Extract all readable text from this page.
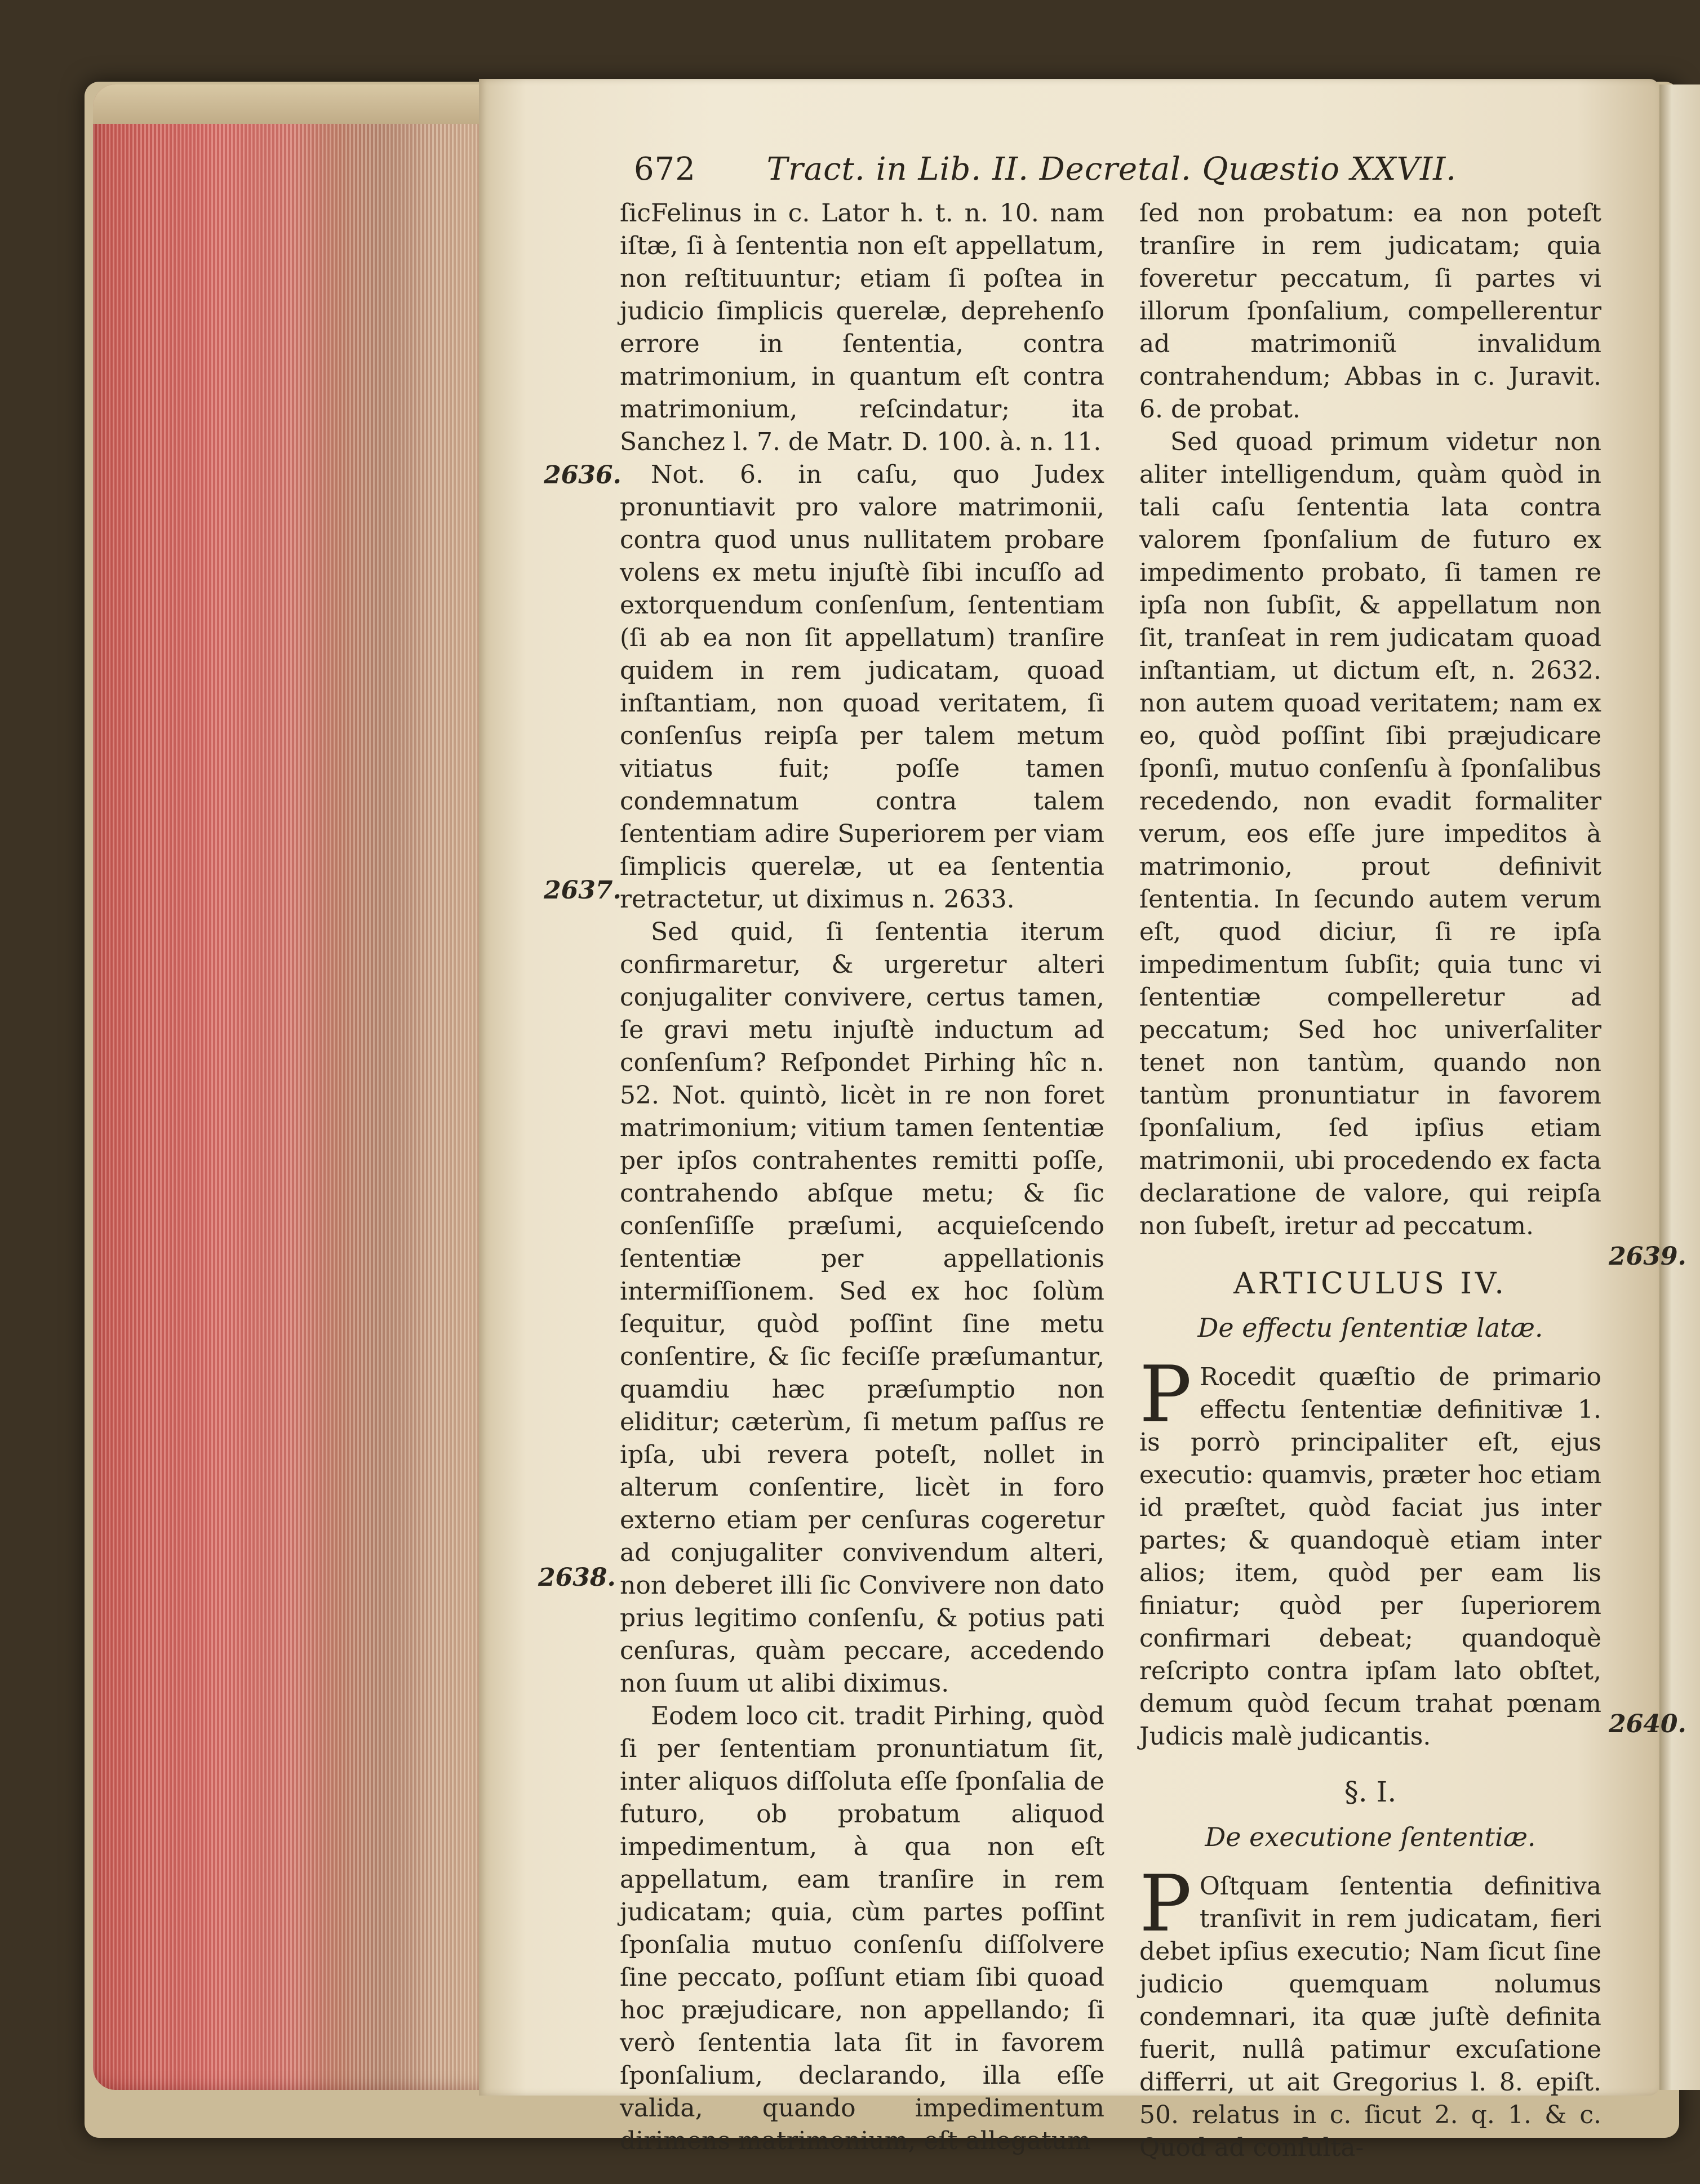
672 Tract. in Lib. II. Decretal. Quæstio XXVII.
2636.
2637.
2638.
2639.
2640.

ſicFelinus in c. Lator h. t. n. 10. nam iſtæ, ſi à ſententia non eſt appellatum, non reſtituuntur; etiam ſi poſtea in judicio ſimplicis querelæ, deprehenſo errore in ſententia, contra matrimonium, in quantum eſt contra matrimonium, reſcindatur; ita Sanchez l. 7. de Matr. D. 100. à. n. 11.

Not. 6. in caſu, quo Judex pronuntiavit pro valore matrimonii, contra quod unus nullitatem probare volens ex metu injuſtè ſibi incuſſo ad extorquendum conſenſum, ſententiam (ſi ab ea non ſit appellatum) tranſire quidem in rem judicatam, quoad inſtantiam, non quoad veritatem, ſi conſenſus reipſa per talem metum vitiatus fuit; poſſe tamen condemnatum contra talem ſententiam adire Superiorem per viam ſimplicis querelæ, ut ea ſententia retractetur, ut diximus n. 2633.

Sed quid, ſi ſententia iterum confirmaretur, & urgeretur alteri conjugaliter convivere, certus tamen, ſe gravi metu injuſtè inductum ad conſenſum? Reſpondet Pirhing hîc n. 52. Not. quintò, licèt in re non foret matrimonium; vitium tamen ſententiæ per ipſos contrahentes remitti poſſe, contrahendo abſque metu; & ſic conſenſiſſe præſumi, acquieſcendo ſententiæ per appellationis intermiſſionem. Sed ex hoc ſolùm ſequitur, quòd poſſint ſine metu conſentire, & ſic feciſſe præſumantur, quamdiu hæc præſumptio non eliditur; cæterùm, ſi metum paſſus re ipſa, ubi revera poteſt, nollet in alterum conſentire, licèt in foro externo etiam per cenſuras cogeretur ad conjugaliter convivendum alteri, non deberet illi ſic Convivere non dato prius legitimo conſenſu, & potius pati cenſuras, quàm peccare, accedendo non ſuum ut alibi diximus.

Eodem loco cit. tradit Pirhing, quòd ſi per ſententiam pronuntiatum ſit, inter aliquos diſſoluta eſſe ſponſalia de futuro, ob probatum aliquod impedimentum, à qua non eſt appellatum, eam tranſire in rem judicatam; quia, cùm partes poſſint ſponſalia mutuo conſenſu diſſolvere ſine peccato, poſſunt etiam ſibi quoad hoc præjudicare, non appellando; ſi verò ſententia lata ſit in favorem ſponſalium, declarando, illa eſſe valida, quando impedimentum dirimens matrimonium, eſt allegatum

ſed non probatum: ea non poteſt tranſire in rem judicatam; quia foveretur peccatum, ſi partes vi illorum ſponſalium, compellerentur ad matrimoniũ invalidum contrahendum; Abbas in c. Juravit. 6. de probat.

Sed quoad primum videtur non aliter intelligendum, quàm quòd in tali caſu ſententia lata contra valorem ſponſalium de futuro ex impedimento probato, ſi tamen re ipſa non ſubſit, & appellatum non ſit, tranſeat in rem judicatam quoad inſtantiam, ut dictum eſt, n. 2632. non autem quoad veritatem; nam ex eo, quòd poſſint ſibi præjudicare ſponſi, mutuo conſenſu à ſponſalibus recedendo, non evadit formaliter verum, eos eſſe jure impeditos à matrimonio, prout definivit ſententia. In ſecundo autem verum eſt, quod diciur, ſi re ipſa impedimentum ſubſit; quia tunc vi ſententiæ compelleretur ad peccatum; Sed hoc univerſaliter tenet non tantùm, quando non tantùm pronuntiatur in favorem ſponſalium, ſed ipſius etiam matrimonii, ubi procedendo ex facta declaratione de valore, qui reipſa non ſubeſt, iretur ad peccatum.

ARTICULUS IV.
De effectu ſententiæ latæ.

P Rocedit quæſtio de primario effectu ſententiæ definitivæ 1. is porrò principaliter eſt, ejus executio: quamvis, præter hoc etiam id præſtet, quòd faciat jus inter partes; & quandoquè etiam inter alios; item, quòd per eam lis finiatur; quòd per ſuperiorem confirmari debeat; quandoquè reſcripto contra ipſam lato obſtet, demum quòd ſecum trahat pœnam Judicis malè judicantis.

§. I.
De executione ſententiæ.

P Oſtquam ſententia definitiva tranſivit in rem judicatam, fieri debet ipſius executio; Nam ſicut ſine judicio quemquam nolumus condemnari, ita quæ juſtè definita fuerit, nullâ patimur excuſatione differri, ut ait Gregorius l. 8. epiſt. 50. relatus in c. ſicut 2. q. 1. & c. Quod ad conſulta-
